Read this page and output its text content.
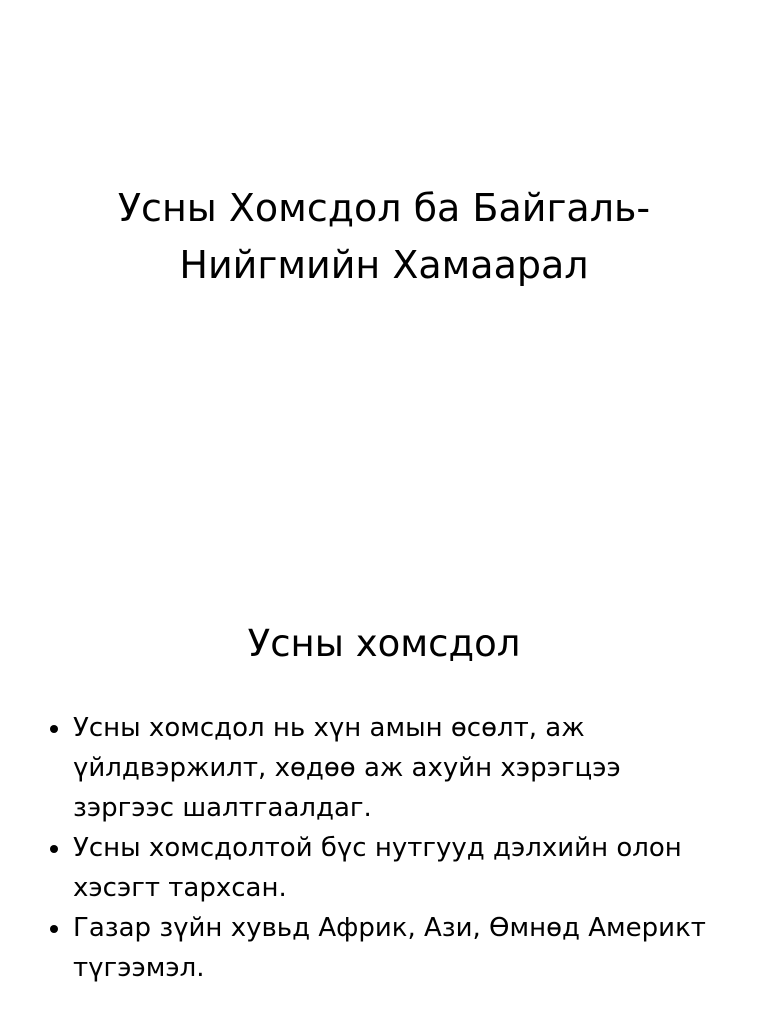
Усны Хомсдол ба Байгаль-
Нийгмийн Хамаарал
Усны хомсдол
Усны хомсдол нь хүн амын өсөлт, аж үйлдвэржилт, хөдөө аж ахуйн хэрэгцээ зэргээс шалтгаалдаг.
Усны хомсдолтой бүс нутгууд дэлхийн олон хэсэгт тархсан.
Газар зүйн хувьд Африк, Ази, Өмнөд Америкт түгээмэл.
